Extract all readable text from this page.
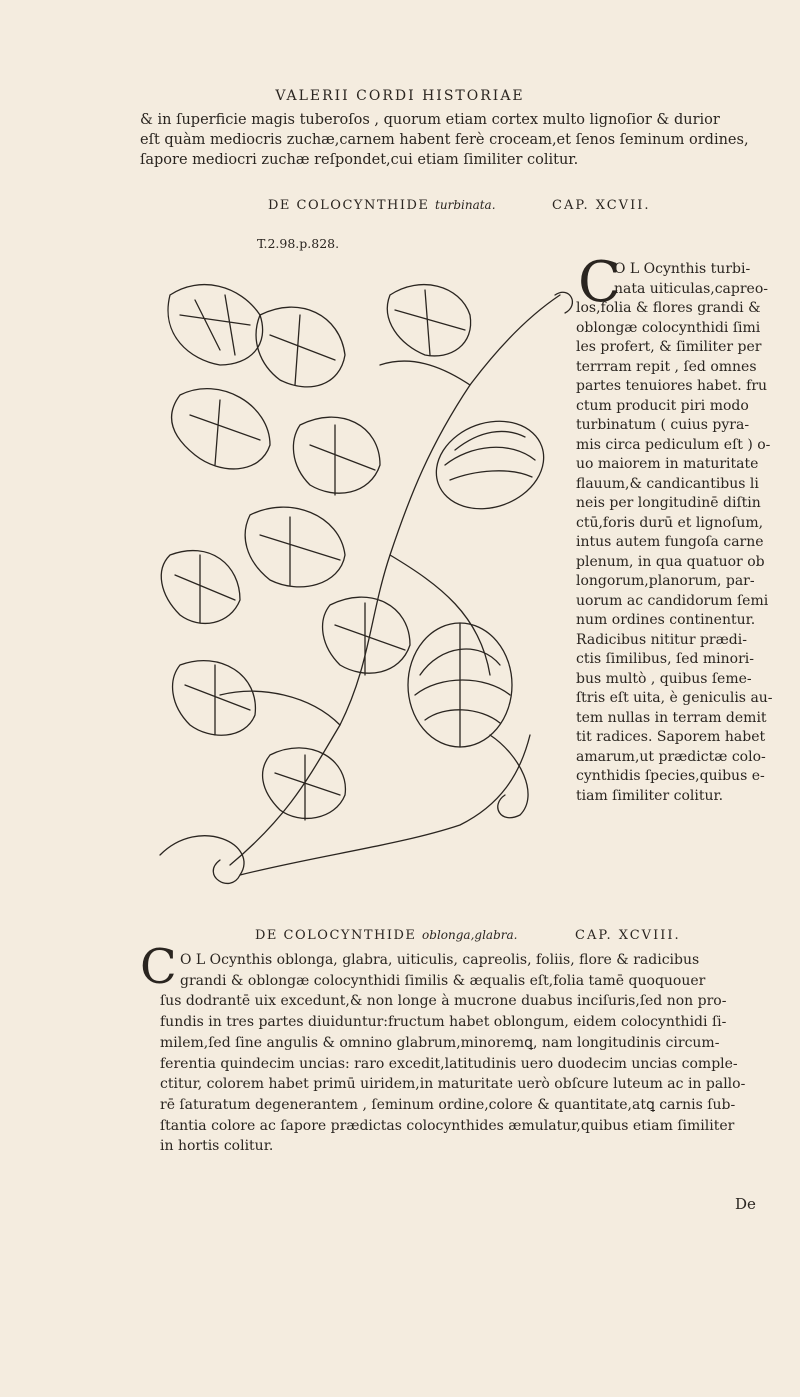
VALERII CORDI HISTORIAE
& in ſuperficie magis tuberoſos , quorum etiam cortex multo lignoſior & durior
eſt quàm mediocris zuchæ,carnem habent ferè croceam,et ſenos ſeminum ordines,
ſapore mediocri zuchæ reſpondet,cui etiam ſimiliter colitur.
DE COLOCYNTHIDE turbinata.	CAP. XCVII.
T.2.98.p.828.
C
O L Ocynthis turbi-
nata uiticulas,capreo-
los,folia & flores grandi &
oblongæ colocynthidi ſimi
les profert, & ſimiliter per
terrram repit , ſed omnes
partes tenuiores habet. fru
ctum producit piri modo
turbinatum ( cuius pyra-
mis circa pediculum eſt ) o-
uo maiorem in maturitate
flauum,& candicantibus li
neis per longitudinē diſtin
ctū,foris durū et lignoſum,
intus autem fungoſa carne
plenum, in qua quatuor ob
longorum,planorum, par-
uorum ac candidorum ſemi
num ordines continentur.
Radicibus nititur prædi-
ctis ſimilibus, ſed minori-
bus multò , quibus ſeme-
ſtris eſt uita, è geniculis au-
tem nullas in terram demit
tit radices. Saporem habet
amarum,ut prædictæ colo-
cynthidis ſpecies,quibus e-
tiam ſimiliter colitur.
DE COLOCYNTHIDE oblonga,glabra.	CAP. XCVIII.
C O L Ocynthis oblonga, glabra, uiticulis, capreolis, foliis, flore & radicibus
grandi & oblongæ colocynthidi ſimilis & æqualis eſt,folia tamē quoquouer
ſus dodrantē uix excedunt,& non longe à mucrone duabus inciſuris,ſed non pro-
fundis in tres partes diuiduntur:fructum habet oblongum, eidem colocynthidi ſi-
milem,ſed ſine angulis & omnino glabrum,minoremꝗ, nam longitudinis circum-
ferentia quindecim uncias: raro excedit,latitudinis uero duodecim uncias comple-
ctitur, colorem habet primū uiridem,in maturitate uerò obſcure luteum ac in pallo-
rē ſaturatum degenerantem , ſeminum ordine,colore & quantitate,atꝗ carnis ſub-
ſtantia colore ac ſapore prædictas colocynthides æmulatur,quibus etiam ſimiliter
in hortis colitur.
De
